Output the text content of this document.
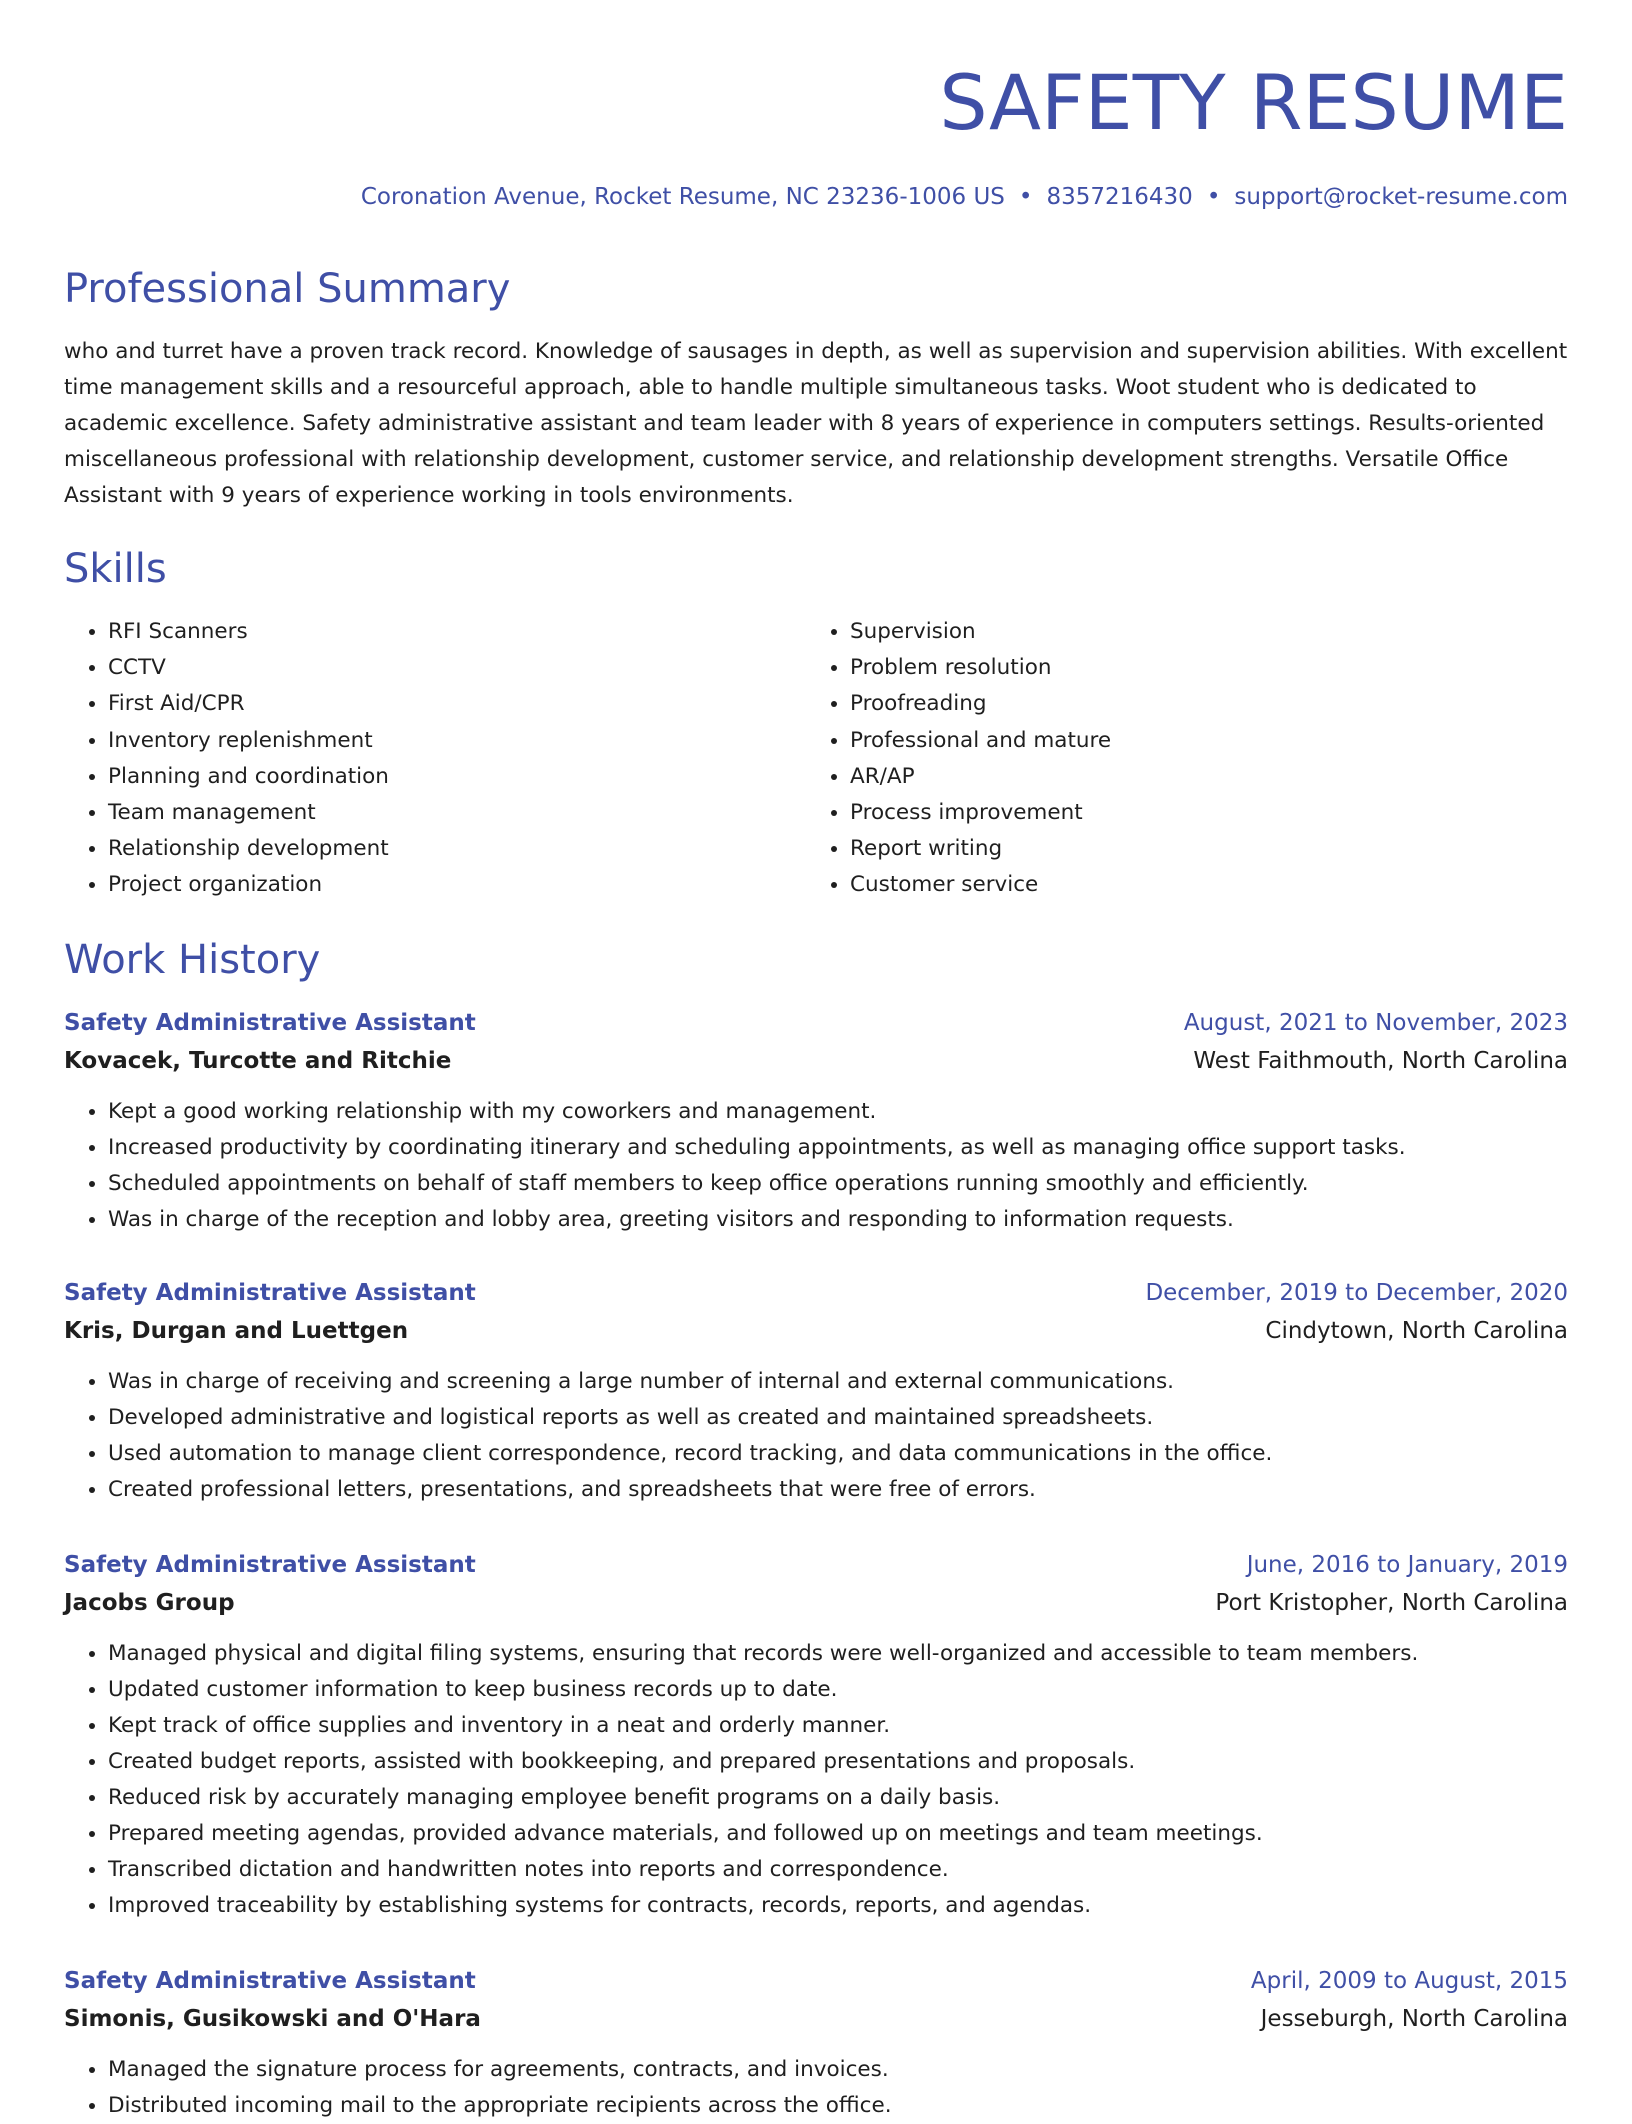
SAFETY RESUME
Coronation Avenue, Rocket Resume, NC 23236-1006 US • 8357216430 • support@rocket-resume.com
Professional Summary

who and turret have a proven track record. Knowledge of sausages in depth, as well as supervision and supervision abilities. With excellent time management skills and a resourceful approach, able to handle multiple simultaneous tasks. Woot student who is dedicated to academic excellence. Safety administrative assistant and team leader with 8 years of experience in computers settings. Results-oriented miscellaneous professional with relationship development, customer service, and relationship development strengths. Versatile Office Assistant with 9 years of experience working in tools environments.

Skills
• RFI Scanners
• CCTV
• First Aid/CPR
• Inventory replenishment
• Planning and coordination
• Team management
• Relationship development
• Project organization
• Supervision
• Problem resolution
• Proofreading
• Professional and mature
• AR/AP
• Process improvement
• Report writing
• Customer service
Work History
Safety Administrative Assistant	August, 2021 to November, 2023
Kovacek, Turcotte and Ritchie	West Faithmouth, North Carolina
• Kept a good working relationship with my coworkers and management.
• Increased productivity by coordinating itinerary and scheduling appointments, as well as managing office support tasks.
• Scheduled appointments on behalf of staff members to keep office operations running smoothly and efficiently.
• Was in charge of the reception and lobby area, greeting visitors and responding to information requests.
Safety Administrative Assistant	December, 2019 to December, 2020
Kris, Durgan and Luettgen	Cindytown, North Carolina
• Was in charge of receiving and screening a large number of internal and external communications.
• Developed administrative and logistical reports as well as created and maintained spreadsheets.
• Used automation to manage client correspondence, record tracking, and data communications in the office.
• Created professional letters, presentations, and spreadsheets that were free of errors.
Safety Administrative Assistant	June, 2016 to January, 2019
Jacobs Group	Port Kristopher, North Carolina
• Managed physical and digital filing systems, ensuring that records were well-organized and accessible to team members.
• Updated customer information to keep business records up to date.
• Kept track of office supplies and inventory in a neat and orderly manner.
• Created budget reports, assisted with bookkeeping, and prepared presentations and proposals.
• Reduced risk by accurately managing employee benefit programs on a daily basis.
• Prepared meeting agendas, provided advance materials, and followed up on meetings and team meetings.
• Transcribed dictation and handwritten notes into reports and correspondence.
• Improved traceability by establishing systems for contracts, records, reports, and agendas.
Safety Administrative Assistant	April, 2009 to August, 2015
Simonis, Gusikowski and O'Hara	Jesseburgh, North Carolina
• Managed the signature process for agreements, contracts, and invoices.
• Distributed incoming mail to the appropriate recipients across the office.
